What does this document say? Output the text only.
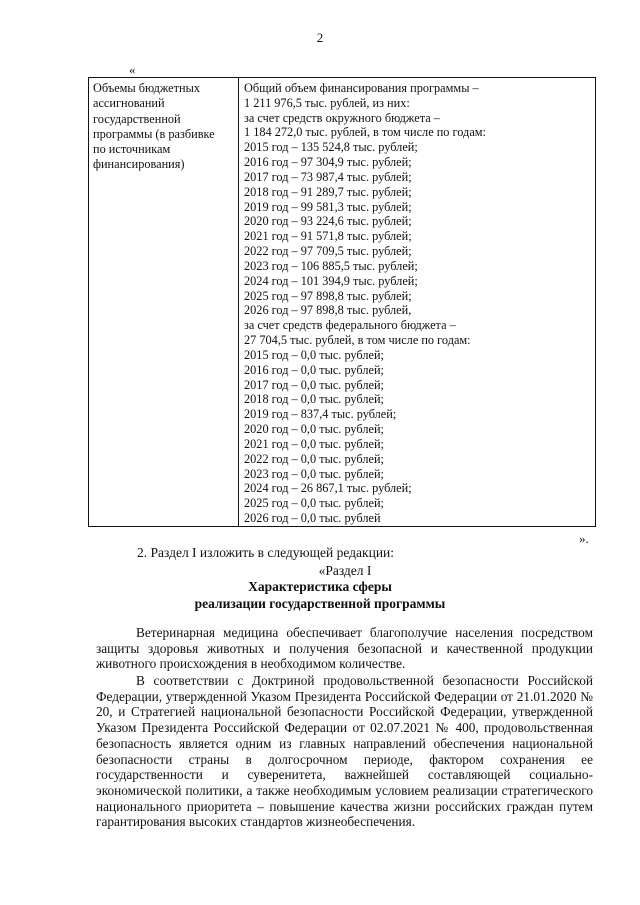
2
«
Объемы бюджетных
ассигнований
государственной
программы (в разбивке
по источникам
финансирования)
Общий объем финансирования программы –
1 211 976,5 тыс. рублей, из них:
за счет средств окружного бюджета –
1 184 272,0 тыс. рублей, в том числе по годам:
2015 год – 135 524,8 тыс. рублей;
2016 год – 97 304,9 тыс. рублей;
2017 год – 73 987,4 тыс. рублей;
2018 год – 91 289,7 тыс. рублей;
2019 год – 99 581,3 тыс. рублей;
2020 год – 93 224,6 тыс. рублей;
2021 год – 91 571,8 тыс. рублей;
2022 год – 97 709,5 тыс. рублей;
2023 год – 106 885,5 тыс. рублей;
2024 год – 101 394,9 тыс. рублей;
2025 год – 97 898,8 тыс. рублей;
2026 год – 97 898,8 тыс. рублей,
за счет средств федерального бюджета –
27 704,5 тыс. рублей, в том числе по годам:
2015 год – 0,0 тыс. рублей;
2016 год – 0,0 тыс. рублей;
2017 год – 0,0 тыс. рублей;
2018 год – 0,0 тыс. рублей;
2019 год – 837,4 тыс. рублей;
2020 год – 0,0 тыс. рублей;
2021 год – 0,0 тыс. рублей;
2022 год – 0,0 тыс. рублей;
2023 год – 0,0 тыс. рублей;
2024 год – 26 867,1 тыс. рублей;
2025 год – 0,0 тыс. рублей;
2026 год – 0,0 тыс. рублей
».
2. Раздел I изложить в следующей редакции:
«Раздел I
Характеристика сферы
реализации государственной программы

Ветеринарная медицина обеспечивает благополучие населения посредством защиты здоровья животных и получения безопасной и качественной продукции животного происхождения в необходимом количестве.

В соответствии с Доктриной продовольственной безопасности Российской Федерации, утвержденной Указом Президента Российской Федерации от 21.01.2020 № 20, и Стратегией национальной безопасности Российской Федерации, утвержденной Указом Президента Российской Федерации от 02.07.2021 № 400, продовольственная безопасность является одним из главных направлений обеспечения национальной безопасности страны в долгосрочном периоде, фактором сохранения ее государственности и суверенитета, важнейшей составляющей социально-экономической политики, а также необходимым условием реализации стратегического национального приоритета – повышение качества жизни российских граждан путем гарантирования высоких стандартов жизнеобеспечения.
